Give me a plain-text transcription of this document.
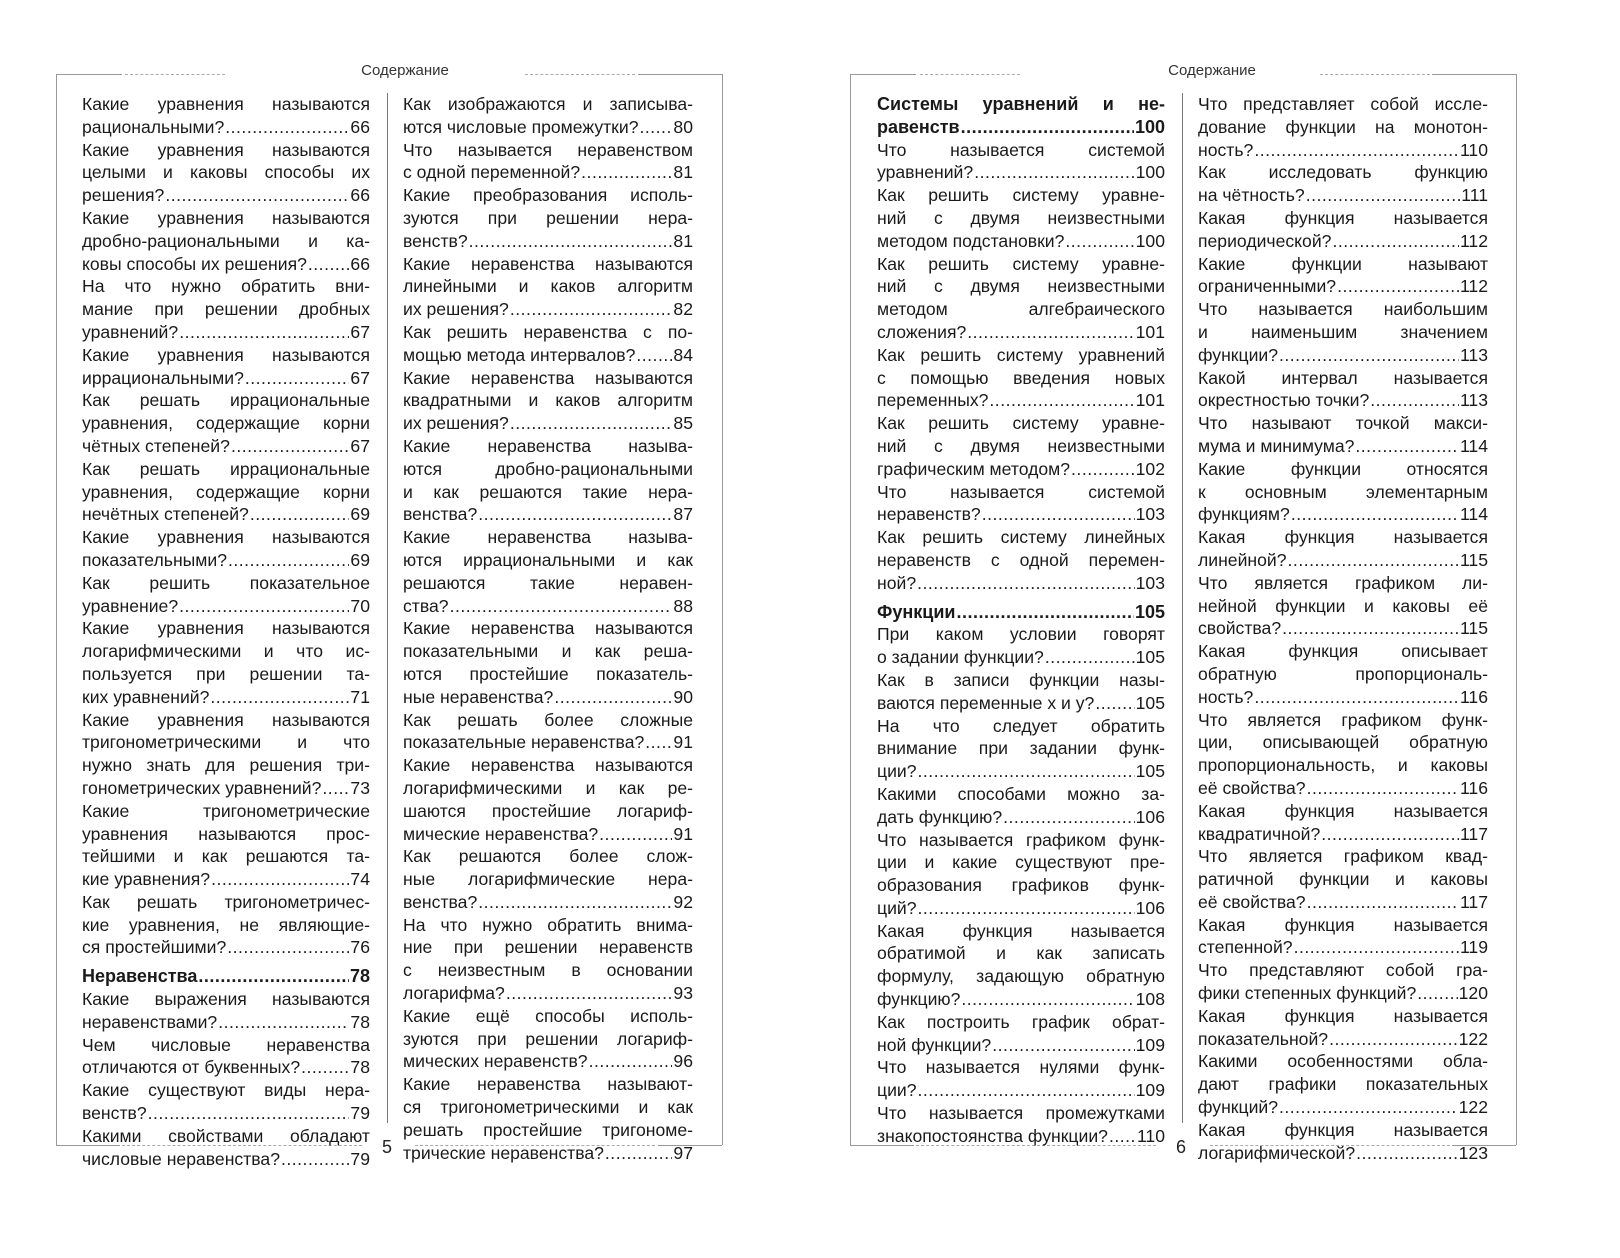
Содержание
5
Какие уравнения называются
рациональными? .....	66
Какие уравнения называются
целыми и каковы способы их
решения? .....	66
Какие уравнения называются
дробно-рациональными и ка-
ковы способы их решения? ..... 66
На что нужно обратить вни-
мание при решении дробных
уравнений? .....	67
Какие уравнения называются
иррациональными? .....	67
Как решать иррациональные
уравнения, содержащие корни
чётных степеней? .....	67
Как решать иррациональные
уравнения, содержащие корни
нечётных степеней? .....	69
Какие уравнения называются
показательными? .....	69
Как решить показательное
уравнение? .....	70
Какие уравнения называются
логарифмическими и что ис-
пользуется при решении та-
ких уравнений? .....	71
Какие уравнения называются
тригонометрическими и что
нужно знать для решения три-
гонометрических уравнений? ..... 73
Какие тригонометрические
уравнения называются прос-
тейшими и как решаются та-
кие уравнения? .....	74
Как решать тригонометричес-
кие уравнения, не являющие-
ся простейшими? .....	76
Неравенства .....	78
Какие выражения называются
неравенствами? .....	78
Чем числовые неравенства
отличаются от буквенных? .....	78
Какие существуют виды нера-
венств? .....	79
Какими свойствами обладают
числовые неравенства? .....	79
Как изображаются и записыва-
ются числовые промежутки? ..... 80
Что называется неравенством
с одной переменной? .....	81
Какие преобразования исполь-
зуются при решении нера-
венств? .....	81
Какие неравенства называются
линейными и каков алгоритм
их решения? .....	82
Как решить неравенства с по-
мощью метода интервалов? ..... 84
Какие неравенства называются
квадратными и каков алгоритм
их решения? .....	85
Какие неравенства называ-
ются дробно-рациональными
и как решаются такие нера-
венства? .....	87
Какие неравенства называ-
ются иррациональными и как
решаются такие неравен-
ства? .....	88
Какие неравенства называются
показательными и как реша-
ются простейшие показатель-
ные неравенства? .....	90
Как решать более сложные
показательные неравенства? ..... 91
Какие неравенства называются
логарифмическими и как ре-
шаются простейшие логариф-
мические неравенства? .....	91
Как решаются более слож-
ные логарифмические нера-
венства? .....	92
На что нужно обратить внима-
ние при решении неравенств
с неизвестным в основании
логарифма? .....	93
Какие ещё способы исполь-
зуются при решении логариф-
мических неравенств? .....	96
Какие неравенства называют-
ся тригонометрическими и как
решать простейшие тригономе-
трические неравенства? .....	97
Содержание
6
Системы уравнений и не-
равенств .....	100
Что называется системой
уравнений? .....	100
Как решить систему уравне-
ний с двумя неизвестными
методом подстановки? .....	100
Как решить систему уравне-
ний с двумя неизвестными
методом алгебраического
сложения? .....	101
Как решить систему уравнений
с помощью введения новых
переменных? .....	101
Как решить систему уравне-
ний с двумя неизвестными
графическим методом? .....	102
Что называется системой
неравенств? .....	103
Как решить систему линейных
неравенств с одной перемен-
ной? .....	103
Функции .....	105
При каком условии говорят
о задании функции? .....	105
Как в записи функции назы-
ваются переменные x и y? ..... 105
На что следует обратить
внимание при задании функ-
ции? .....	105
Какими способами можно за-
дать функцию? .....	106
Что называется графиком функ-
ции и какие существуют пре-
образования графиков функ-
ций? .....	106
Какая функция называется
обратимой и как записать
формулу, задающую обратную
функцию? .....	108
Как построить график обрат-
ной функции? .....	109
Что называется нулями функ-
ции? .....	109
Что называется промежутками
знакопостоянства функции? ..... 110
Что представляет собой иссле-
дование функции на монотон-
ность? .....	110
Как исследовать функцию
на чётность? .....	111
Какая функция называется
периодической? .....	112
Какие функции называют
ограниченными? .....	112
Что называется наибольшим
и наименьшим значением
функции? .....	113
Какой интервал называется
окрестностью точки? .....	113
Что называют точкой макси-
мума и минимума? .....	114
Какие функции относятся
к основным элементарным
функциям? .....	114
Какая функция называется
линейной? .....	115
Что является графиком ли-
нейной функции и каковы её
свойства? .....	115
Какая функция описывает
обратную пропорциональ-
ность? .....	116
Что является графиком функ-
ции, описывающей обратную
пропорциональность, и каковы
её свойства? .....	116
Какая функция называется
квадратичной? .....	117
Что является графиком квад-
ратичной функции и каковы
её свойства? .....	117
Какая функция называется
степенной? .....	119
Что представляют собой гра-
фики степенных функций? ..... 120
Какая функция называется
показательной? .....	122
Какими особенностями обла-
дают графики показательных
функций? .....	122
Какая функция называется
логарифмической? .....	123
